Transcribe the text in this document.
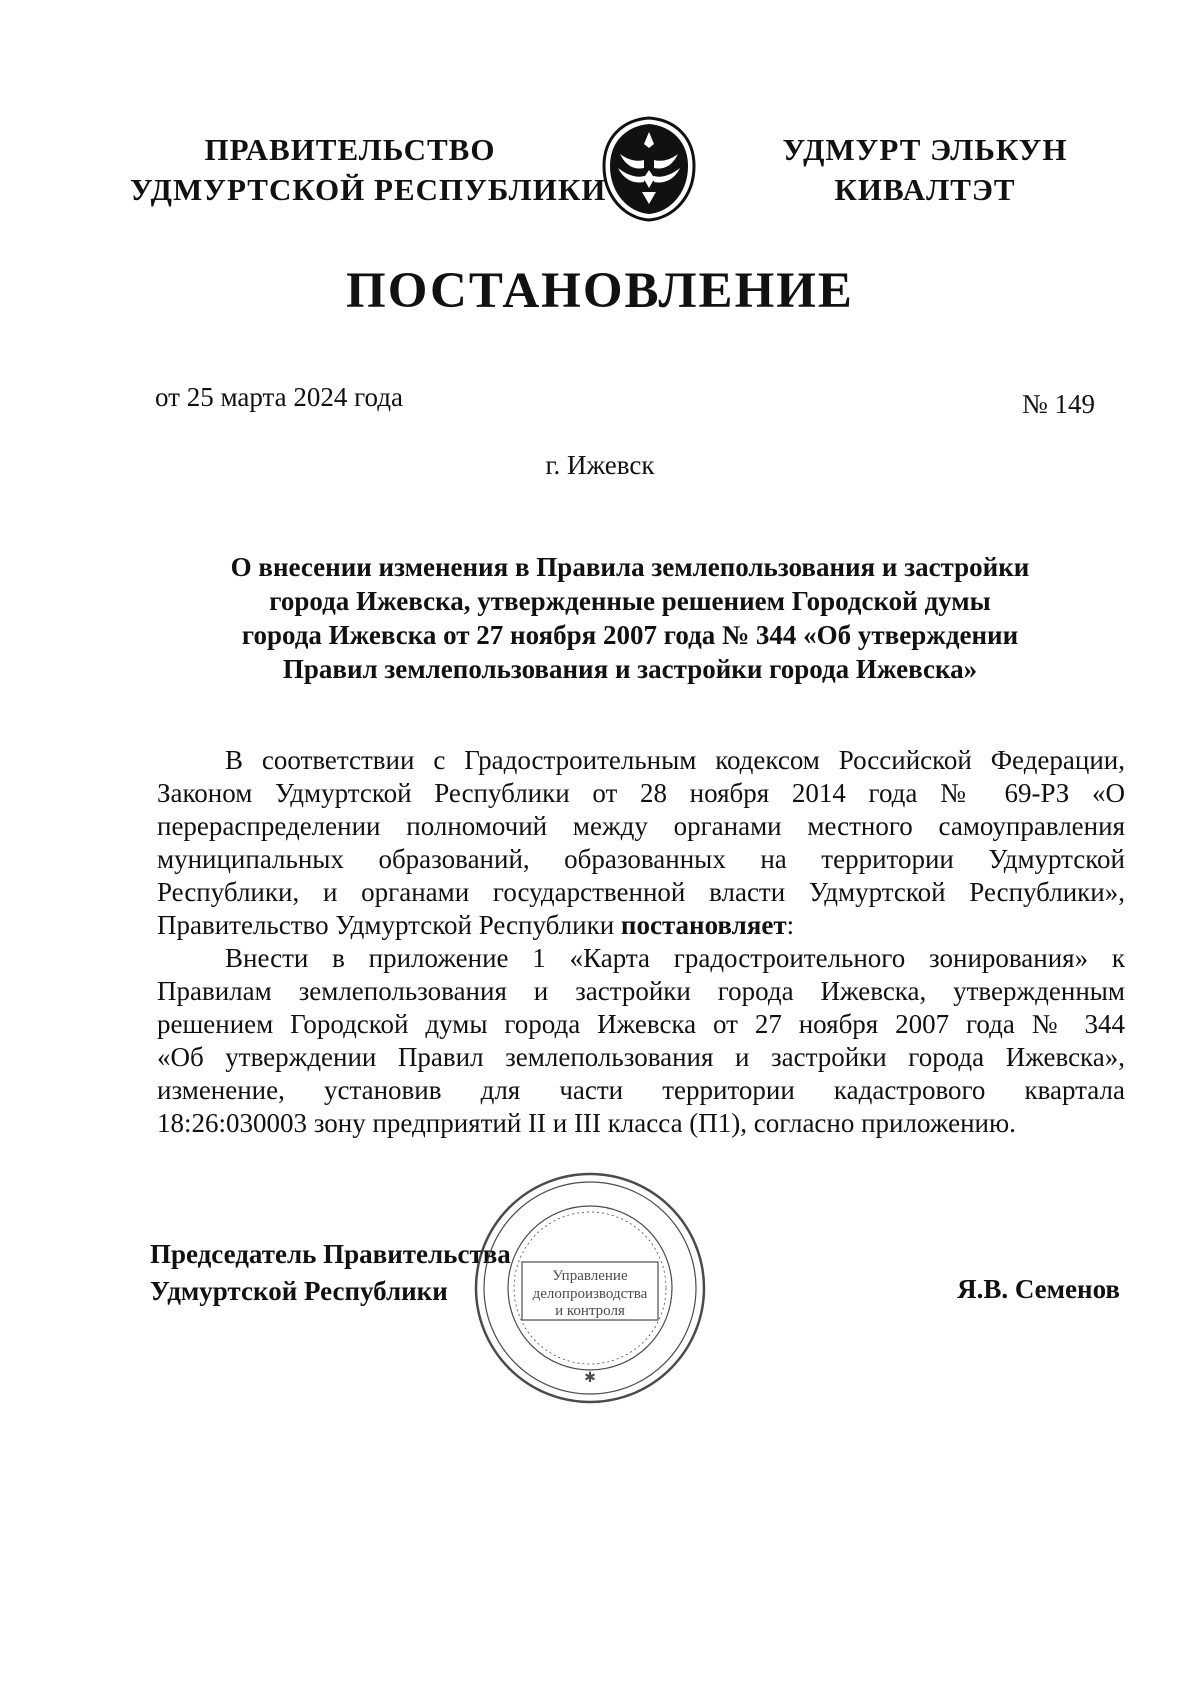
ПРАВИТЕЛЬСТВО
УДМУРТСКОЙ РЕСПУБЛИКИ
УДМУРТ ЭЛЬКУН
КИВАЛТЭТ
ПОСТАНОВЛЕНИЕ
от 25 марта 2024 года	№ 149
г. Ижевск
О внесении изменения в Правила землепользования и застройки
города Ижевска, утвержденные решением Городской думы
города Ижевска от 27 ноября 2007 года № 344 «Об утверждении
Правил землепользования и застройки города Ижевска»
В соответствии с Градостроительным кодексом Российской Федерации,
Законом Удмуртской Республики от 28 ноября 2014 года № 69-РЗ «О
перераспределении полномочий между органами местного самоуправления
муниципальных образований, образованных на территории Удмуртской
Республики, и органами государственной власти Удмуртской Республики»,
Правительство Удмуртской Республики постановляет:
Внести в приложение 1 «Карта градостроительного зонирования» к
Правилам землепользования и застройки города Ижевска, утвержденным
решением Городской думы города Ижевска от 27 ноября 2007 года № 344
«Об утверждении Правил землепользования и застройки города Ижевска»,
изменение, установив для части территории кадастрового квартала
18:26:030003 зону предприятий II и III класса (П1), согласно приложению.
Председатель Правительства
Удмуртской Республики	Управление
делопроизводства
и контроля
✱
Я.В. Семенов
